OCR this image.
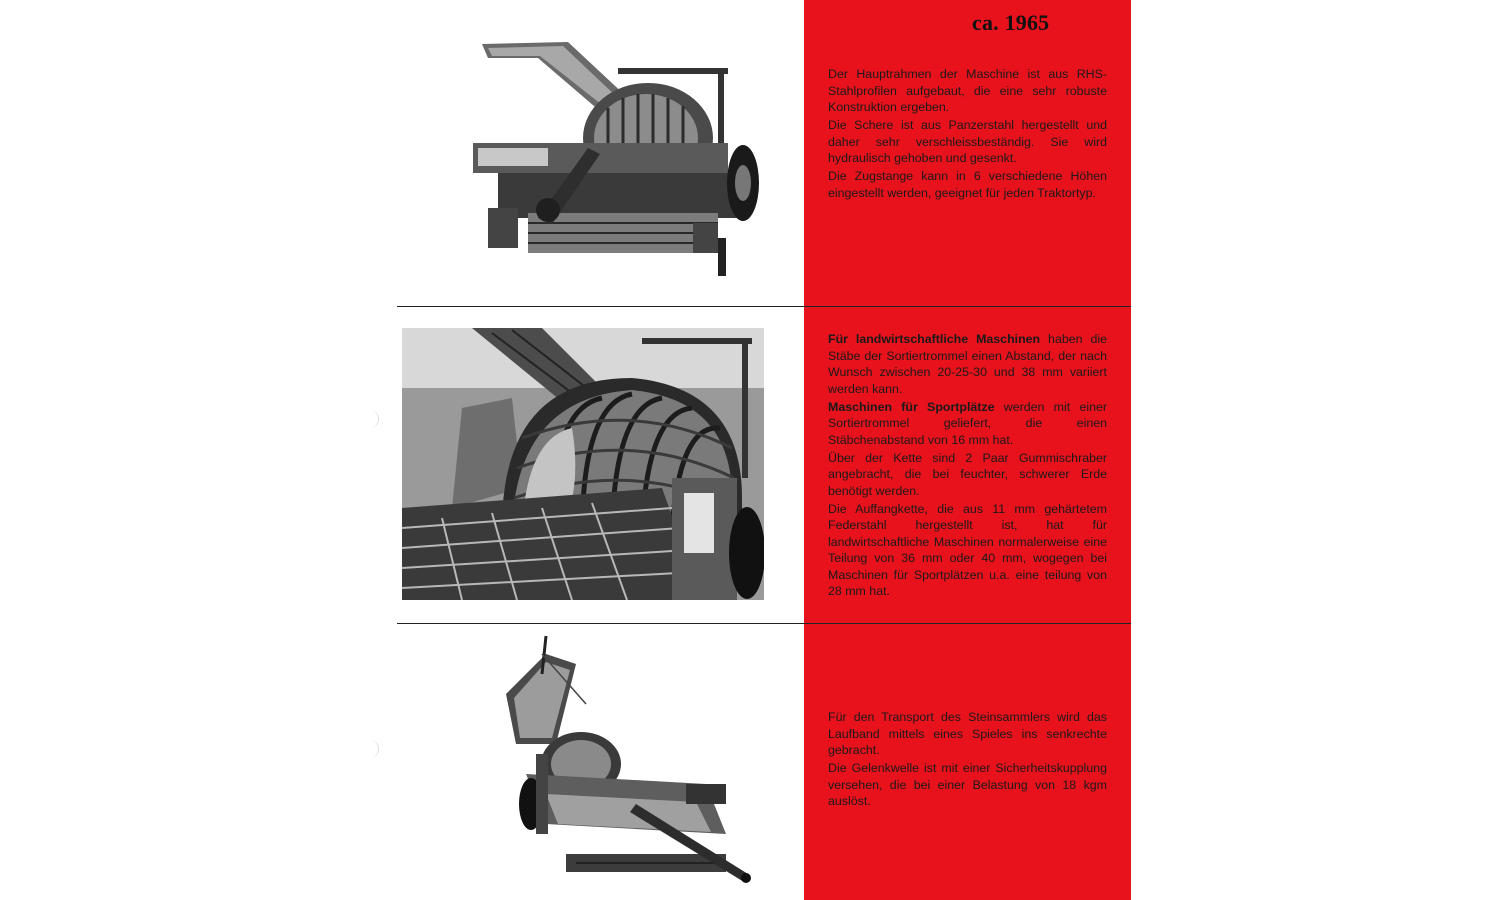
ca. 1965

Der Hauptrahmen der Maschine ist aus RHS-Stahlprofilen aufgebaut, die eine sehr robuste Konstruktion ergeben.

Die Schere ist aus Panzerstahl hergestellt und daher sehr verschleissbeständig. Sie wird hydraulisch gehoben und gesenkt.

Die Zugstange kann in 6 verschiedene Höhen eingestellt werden, geeignet für jeden Traktortyp.

Für landwirtschaftliche Maschinen haben die Stäbe der Sortiertrommel einen Abstand, der nach Wunsch zwischen 20-25-30 und 38 mm variiert werden kann.

Maschinen für Sportplätze werden mit einer Sortiertrommel geliefert, die einen Stäbchenabstand von 16 mm hat.

Über der Kette sind 2 Paar Gummischraber angebracht, die bei feuchter, schwerer Erde benötigt werden.

Die Auffangkette, die aus 11 mm gehärtetem Federstahl hergestellt ist, hat für landwirtschaftliche Maschinen normalerweise eine Teilung von 36 mm oder 40 mm, wogegen bei Maschinen für Sportplätzen u.a. eine teilung von 28 mm hat.

Für den Transport des Steinsammlers wird das Laufband mittels eines Spieles ins senkrechte gebracht.

Die Gelenkwelle ist mit einer Sicherheitskupplung versehen, die bei einer Belastung von 18 kgm auslöst.
